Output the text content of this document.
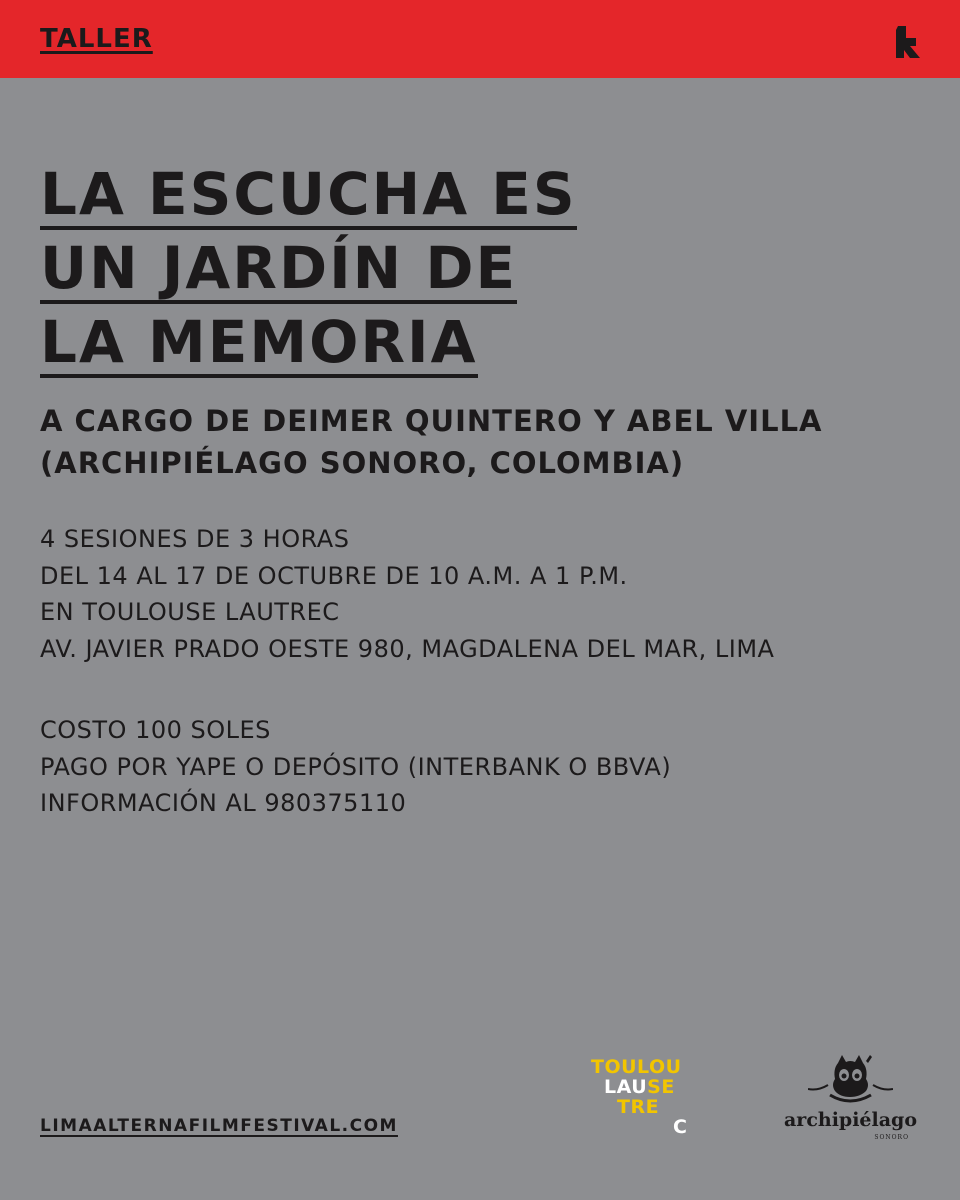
TALLER
LA ESCUCHA ES
UN JARDÍN DE
LA MEMORIA
A CARGO DE DEIMER QUINTERO Y ABEL VILLA
(ARCHIPIÉLAGO SONORO, COLOMBIA)
4 SESIONES DE 3 HORAS
DEL 14 AL 17 DE OCTUBRE DE 10 A.M. A 1 P.M.
EN TOULOUSE LAUTREC
AV. JAVIER PRADO OESTE 980, MAGDALENA DEL MAR, LIMA
COSTO 100 SOLES
PAGO POR YAPE O DEPÓSITO (INTERBANK O BBVA)
INFORMACIÓN AL 980375110
LIMAALTERNAFILMFESTIVAL.COM
TOULOU
LAUSE
TRE
C	archipiélago
SONORO
